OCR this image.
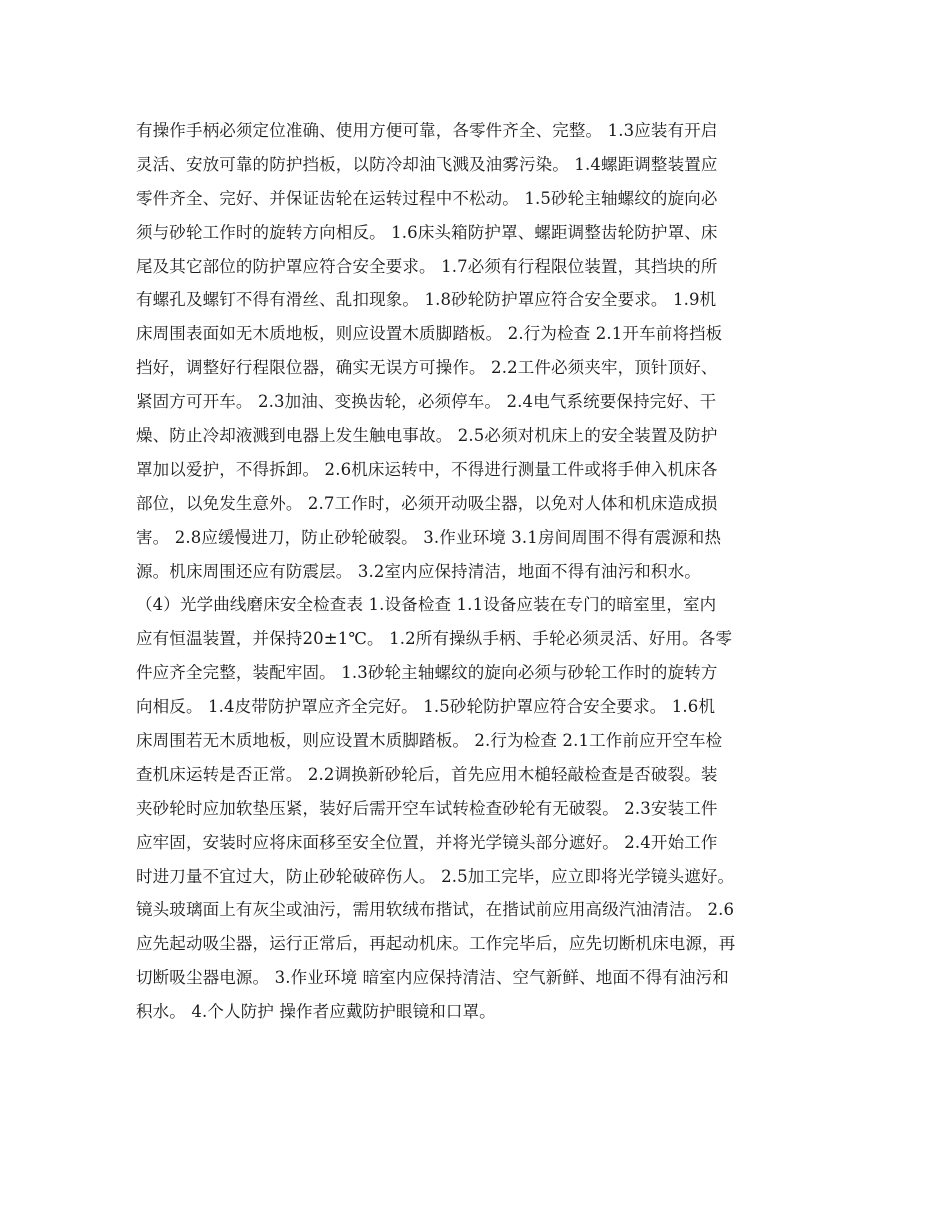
有操作手柄必须定位准确、使用方便可靠，各零件齐全、完整。 1.3应装有开启
灵活、安放可靠的防护挡板，以防冷却油飞溅及油雾污染。 1.4螺距调整装置应
零件齐全、完好、并保证齿轮在运转过程中不松动。 1.5砂轮主轴螺纹的旋向必
须与砂轮工作时的旋转方向相反。 1.6床头箱防护罩、螺距调整齿轮防护罩、床
尾及其它部位的防护罩应符合安全要求。 1.7必须有行程限位装置，其挡块的所
有螺孔及螺钉不得有滑丝、乱扣现象。 1.8砂轮防护罩应符合安全要求。 1.9机
床周围表面如无木质地板，则应设置木质脚踏板。 2.行为检查 2.1开车前将挡板
挡好，调整好行程限位器，确实无误方可操作。 2.2工件必须夹牢，顶针顶好、
紧固方可开车。 2.3加油、变换齿轮，必须停车。 2.4电气系统要保持完好、干
燥、防止冷却液溅到电器上发生触电事故。 2.5必须对机床上的安全装置及防护
罩加以爱护，不得拆卸。 2.6机床运转中，不得进行测量工件或将手伸入机床各
部位，以免发生意外。 2.7工作时，必须开动吸尘器，以免对人体和机床造成损
害。 2.8应缓慢进刀，防止砂轮破裂。 3.作业环境 3.1房间周围不得有震源和热
源。机床周围还应有防震层。 3.2室内应保持清洁，地面不得有油污和积水。
（4）光学曲线磨床安全检查表 1.设备检查 1.1设备应装在专门的暗室里，室内
应有恒温装置，并保持20±1℃。 1.2所有操纵手柄、手轮必须灵活、好用。各零
件应齐全完整，装配牢固。 1.3砂轮主轴螺纹的旋向必须与砂轮工作时的旋转方
向相反。 1.4皮带防护罩应齐全完好。 1.5砂轮防护罩应符合安全要求。 1.6机
床周围若无木质地板，则应设置木质脚踏板。 2.行为检查 2.1工作前应开空车检
查机床运转是否正常。 2.2调换新砂轮后，首先应用木槌轻敲检查是否破裂。装
夹砂轮时应加软垫压紧，装好后需开空车试转检查砂轮有无破裂。 2.3安装工件
应牢固，安装时应将床面移至安全位置，并将光学镜头部分遮好。 2.4开始工作
时进刀量不宜过大，防止砂轮破碎伤人。 2.5加工完毕，应立即将光学镜头遮好。
镜头玻璃面上有灰尘或油污，需用软绒布揩试，在揩试前应用高级汽油清洁。 2.6
应先起动吸尘器，运行正常后，再起动机床。工作完毕后，应先切断机床电源，再
切断吸尘器电源。 3.作业环境 暗室内应保持清洁、空气新鲜、地面不得有油污和
积水。 4.个人防护 操作者应戴防护眼镜和口罩。
